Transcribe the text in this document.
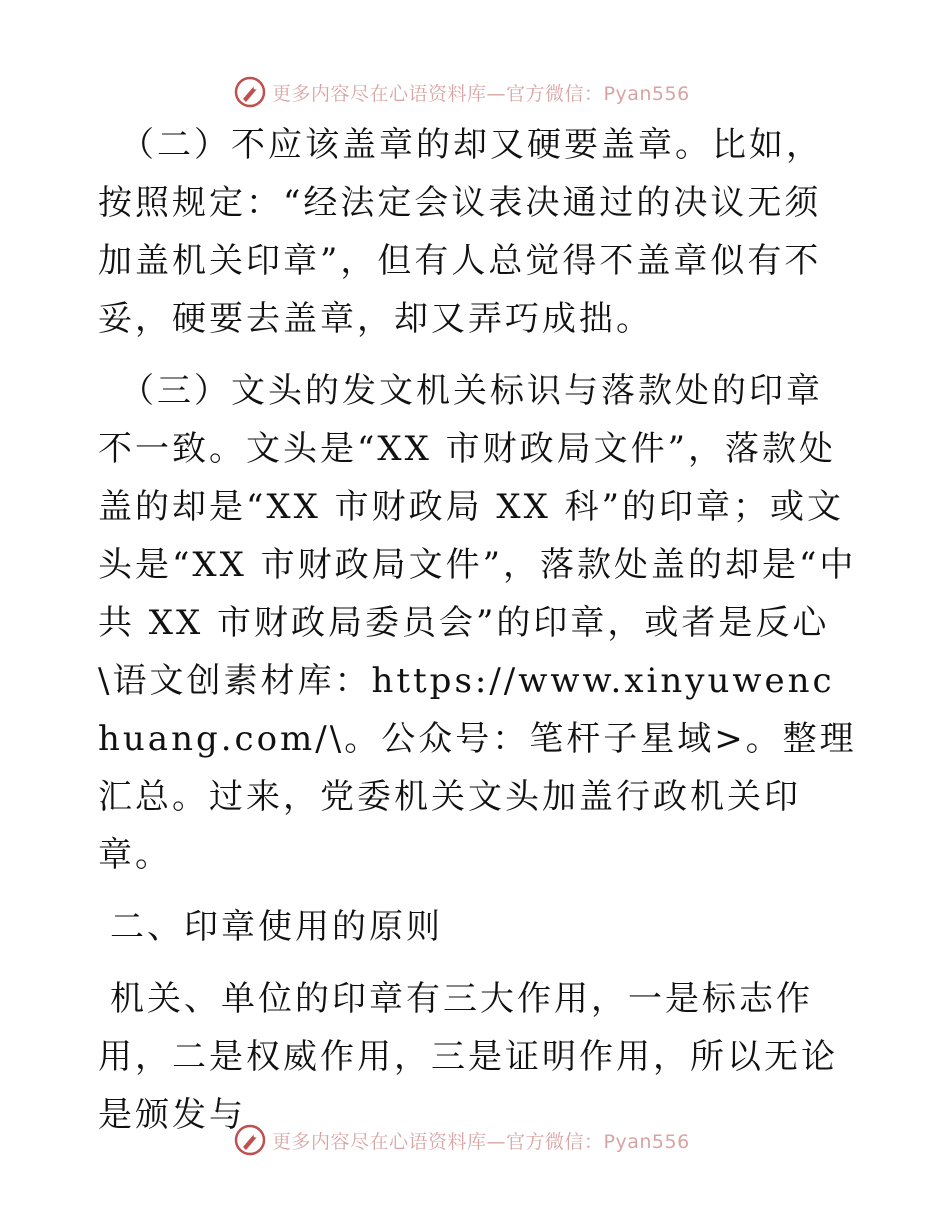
更多内容尽在心语资料库—官方微信：Pyan556

（二）不应该盖章的却又硬要盖章。比如，按照规定：“经法定会议表决通过的决议无须加盖机关印章”，但有人总觉得不盖章似有不妥，硬要去盖章，却又弄巧成拙。

（三）文头的发文机关标识与落款处的印章不一致。文头是“XX 市财政局文件”，落款处盖的却是“XX 市财政局 XX 科”的印章；或文头是“XX 市财政局文件”，落款处盖的却是“中共 XX 市财政局委员会”的印章，或者是反心\语文创素材库：https://www.xinyuwenchuang.com/\。公众号：笔杆子星域>。整理汇总。过来，党委机关文头加盖行政机关印章。

二、印章使用的原则

机关、单位的印章有三大作用，一是标志作用，二是权威作用，三是证明作用，所以无论是颁发与

更多内容尽在心语资料库—官方微信：Pyan556
